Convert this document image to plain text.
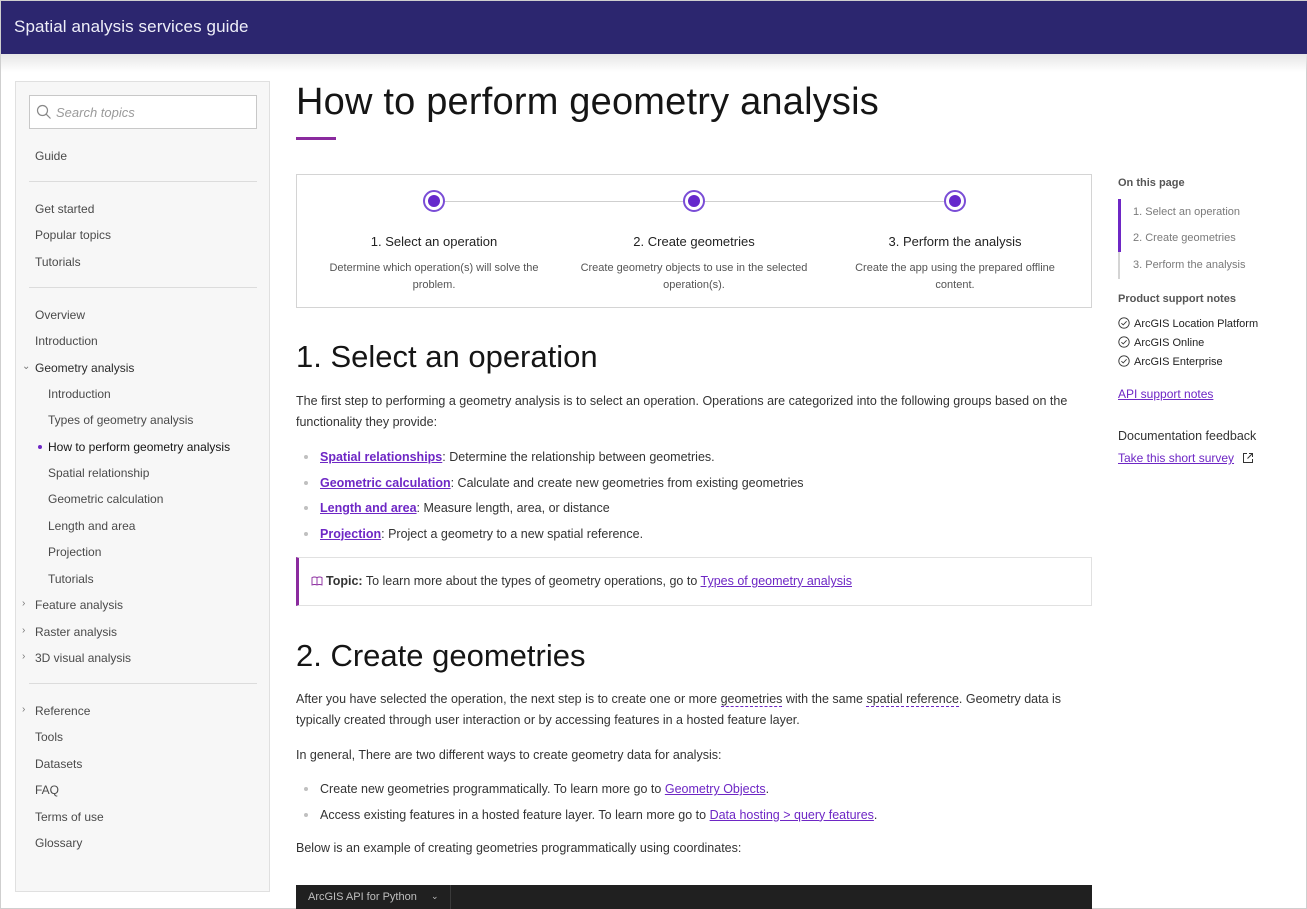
Spatial analysis services guide
Search topics
Guide
Get started
Popular topics
Tutorials
Overview
Introduction
⌄ Geometry analysis
Introduction
Types of geometry analysis
How to perform geometry analysis
Spatial relationship
Geometric calculation
Length and area
Projection
Tutorials
› Feature analysis
› Raster analysis
› 3D visual analysis
› Reference
Tools
Datasets
FAQ
Terms of use
Glossary
How to perform geometry analysis
1. Select an operation
Determine which operation(s) will solve the problem.
2. Create geometries
Create geometry objects to use in the selected operation(s).
3. Perform the analysis
Create the app using the prepared offline content.
1. Select an operation

The first step to performing a geometry analysis is to select an operation. Operations are categorized into the following groups based on the functionality they provide:

Spatial relationships: Determine the relationship between geometries.
Geometric calculation: Calculate and create new geometries from existing geometries
Length and area: Measure length, area, or distance
Projection: Project a geometry to a new spatial reference.
Topic: To learn more about the types of geometry operations, go to Types of geometry analysis
2. Create geometries

After you have selected the operation, the next step is to create one or more geometries with the same spatial reference. Geometry data is typically created through user interaction or by accessing features in a hosted feature layer.

In general, There are two different ways to create geometry data for analysis:

Create new geometries programmatically. To learn more go to Geometry Objects.
Access existing features in a hosted feature layer. To learn more go to Data hosting > query features.

Below is an example of creating geometries programmatically using coordinates:

ArcGIS API for Python ⌄
On this page
1. Select an operation
2. Create geometries
3. Perform the analysis
Product support notes
ArcGIS Location Platform
ArcGIS Online
ArcGIS Enterprise
API support notes
Documentation feedback
Take this short survey
